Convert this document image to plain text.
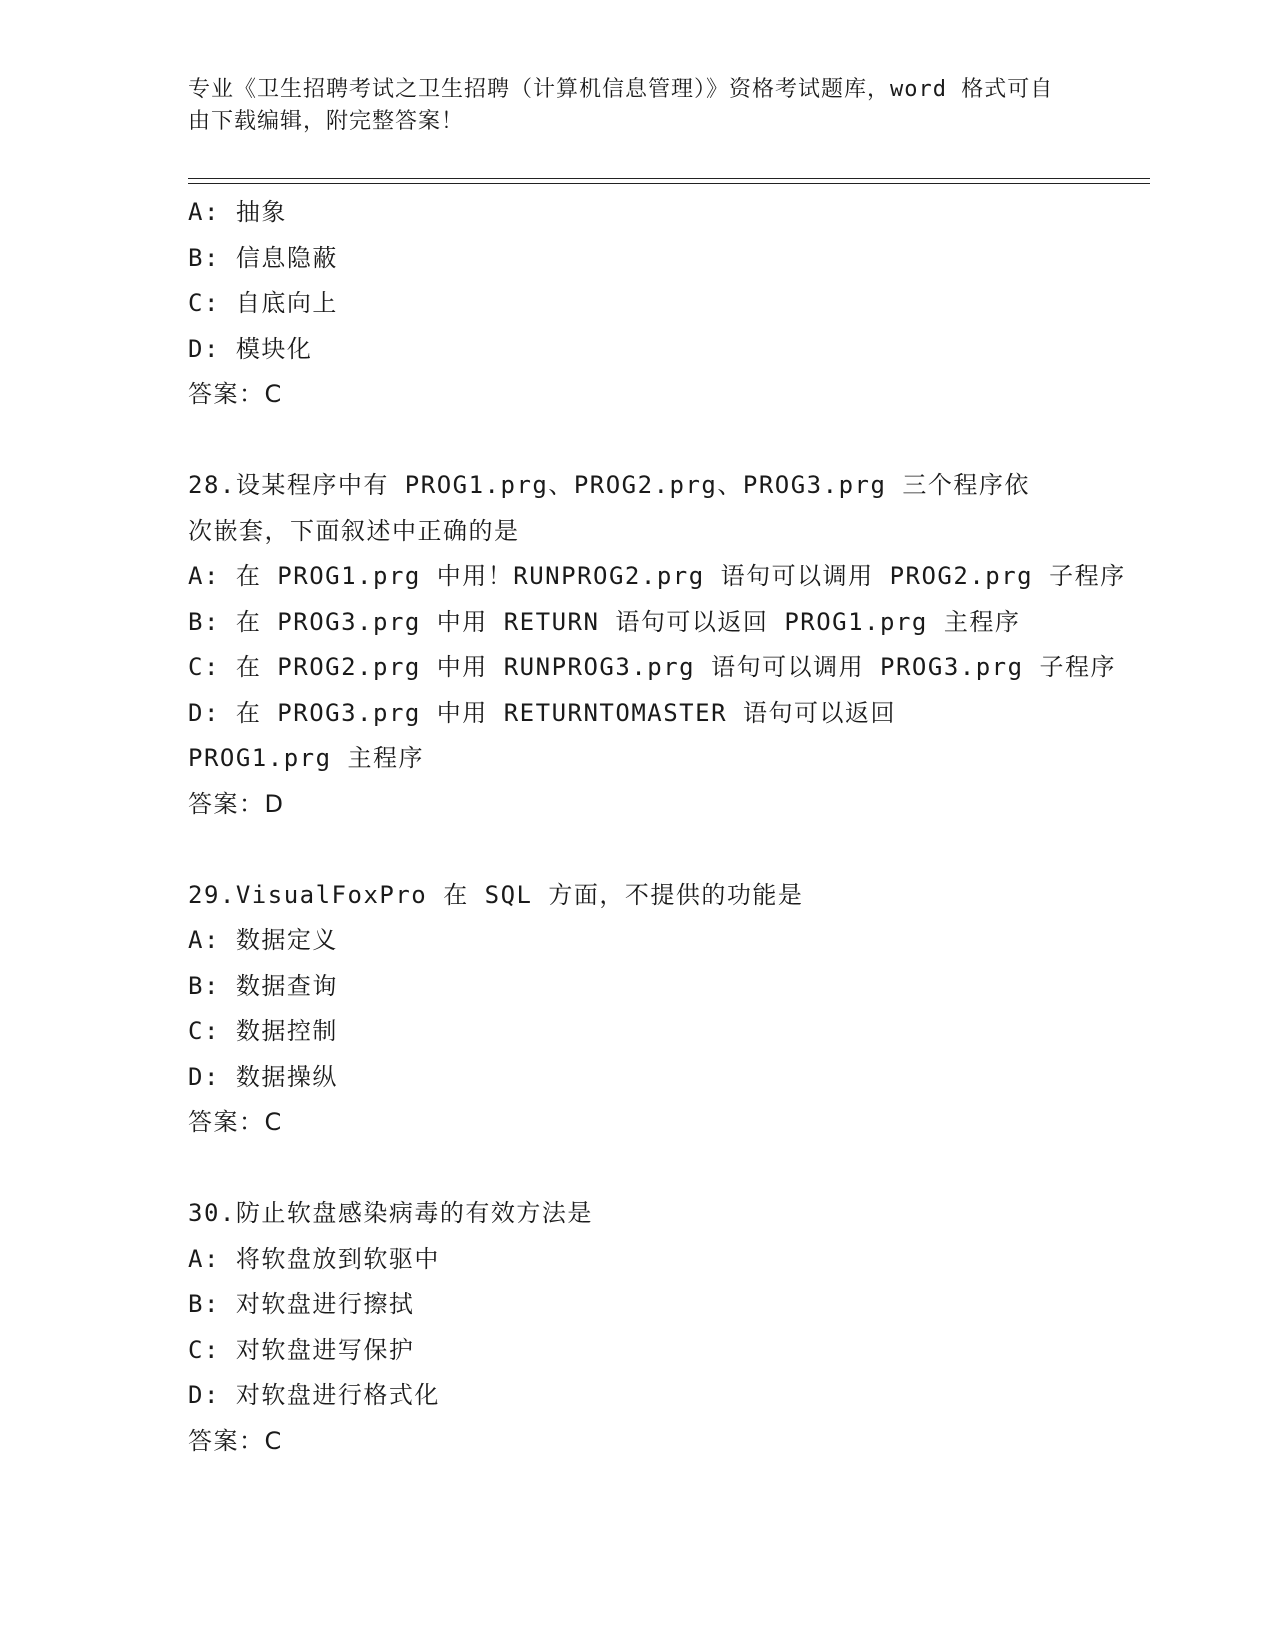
专业《卫生招聘考试之卫生招聘（计算机信息管理）》资格考试题库，word 格式可自由下载编辑，附完整答案！
A: 抽象
B: 信息隐蔽
C: 自底向上
D: 模块化
答案：C
28.设某程序中有 PROG1.prg、PROG2.prg、PROG3.prg 三个程序依次嵌套，下面叙述中正确的是
A: 在 PROG1.prg 中用！RUNPROG2.prg 语句可以调用 PROG2.prg 子程序
B: 在 PROG3.prg 中用 RETURN 语句可以返回 PROG1.prg 主程序
C: 在 PROG2.prg 中用 RUNPROG3.prg 语句可以调用 PROG3.prg 子程序
D: 在 PROG3.prg 中用 RETURNTOMASTER 语句可以返回 PROG1.prg 主程序
答案：D
29.VisualFoxPro 在 SQL 方面，不提供的功能是
A: 数据定义
B: 数据查询
C: 数据控制
D: 数据操纵
答案：C
30.防止软盘感染病毒的有效方法是
A: 将软盘放到软驱中
B: 对软盘进行擦拭
C: 对软盘进写保护
D: 对软盘进行格式化
答案：C
